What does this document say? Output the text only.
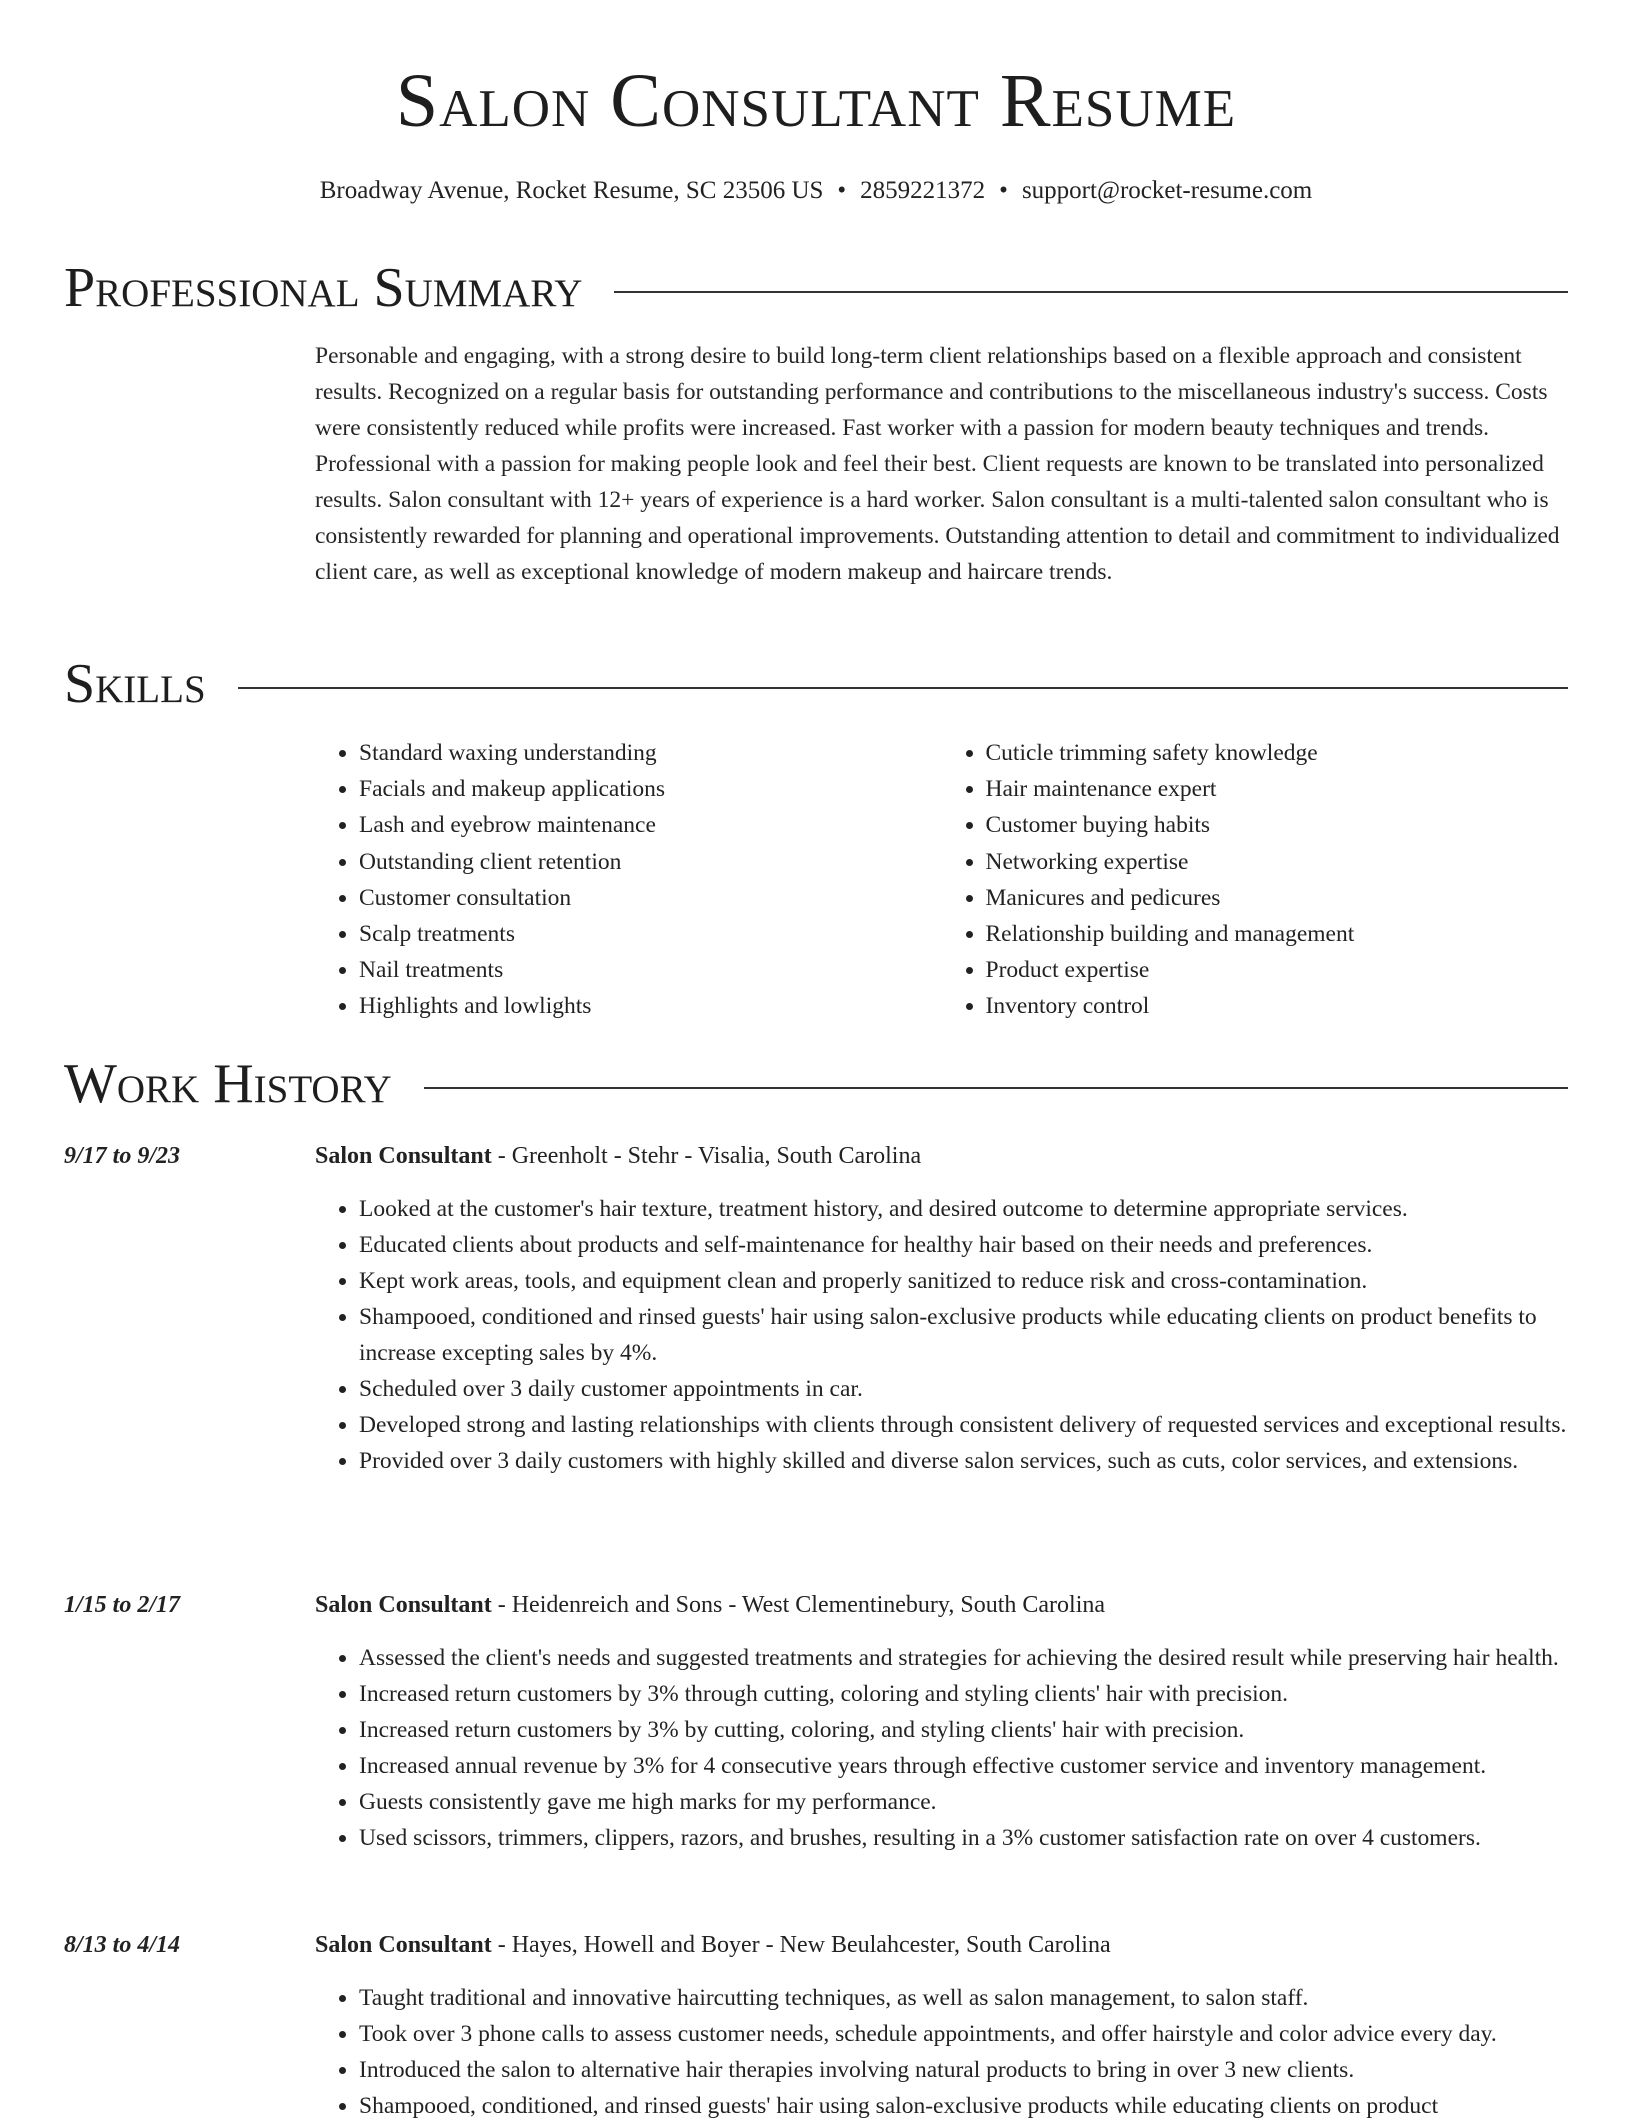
Salon Consultant Resume
Broadway Avenue, Rocket Resume, SC 23506 US • 2859221372 • support@rocket-resume.com
Professional Summary
Personable and engaging, with a strong desire to build long-term client relationships based on a flexible approach and consistent results. Recognized on a regular basis for outstanding performance and contributions to the miscellaneous industry's success. Costs were consistently reduced while profits were increased. Fast worker with a passion for modern beauty techniques and trends. Professional with a passion for making people look and feel their best. Client requests are known to be translated into personalized results. Salon consultant with 12+ years of experience is a hard worker. Salon consultant is a multi-talented salon consultant who is consistently rewarded for planning and operational improvements. Outstanding attention to detail and commitment to individualized client care, as well as exceptional knowledge of modern makeup and haircare trends.
Skills
• Standard waxing understanding
• Facials and makeup applications
• Lash and eyebrow maintenance
• Outstanding client retention
• Customer consultation
• Scalp treatments
• Nail treatments
• Highlights and lowlights
• Cuticle trimming safety knowledge
• Hair maintenance expert
• Customer buying habits
• Networking expertise
• Manicures and pedicures
• Relationship building and management
• Product expertise
• Inventory control
Work History
9/17 to 9/23	Salon Consultant - Greenholt - Stehr - Visalia, South Carolina
• Looked at the customer's hair texture, treatment history, and desired outcome to determine appropriate services.
• Educated clients about products and self-maintenance for healthy hair based on their needs and preferences.
• Kept work areas, tools, and equipment clean and properly sanitized to reduce risk and cross-contamination.
• Shampooed, conditioned and rinsed guests' hair using salon-exclusive products while educating clients on product benefits to increase excepting sales by 4%.
• Scheduled over 3 daily customer appointments in car.
• Developed strong and lasting relationships with clients through consistent delivery of requested services and exceptional results.
• Provided over 3 daily customers with highly skilled and diverse salon services, such as cuts, color services, and extensions.
1/15 to 2/17	Salon Consultant - Heidenreich and Sons - West Clementinebury, South Carolina
• Assessed the client's needs and suggested treatments and strategies for achieving the desired result while preserving hair health.
• Increased return customers by 3% through cutting, coloring and styling clients' hair with precision.
• Increased return customers by 3% by cutting, coloring, and styling clients' hair with precision.
• Increased annual revenue by 3% for 4 consecutive years through effective customer service and inventory management.
• Guests consistently gave me high marks for my performance.
• Used scissors, trimmers, clippers, razors, and brushes, resulting in a 3% customer satisfaction rate on over 4 customers.
8/13 to 4/14	Salon Consultant - Hayes, Howell and Boyer - New Beulahcester, South Carolina
• Taught traditional and innovative haircutting techniques, as well as salon management, to salon staff.
• Took over 3 phone calls to assess customer needs, schedule appointments, and offer hairstyle and color advice every day.
• Introduced the salon to alternative hair therapies involving natural products to bring in over 3 new clients.
• Shampooed, conditioned, and rinsed guests' hair using salon-exclusive products while educating clients on product
